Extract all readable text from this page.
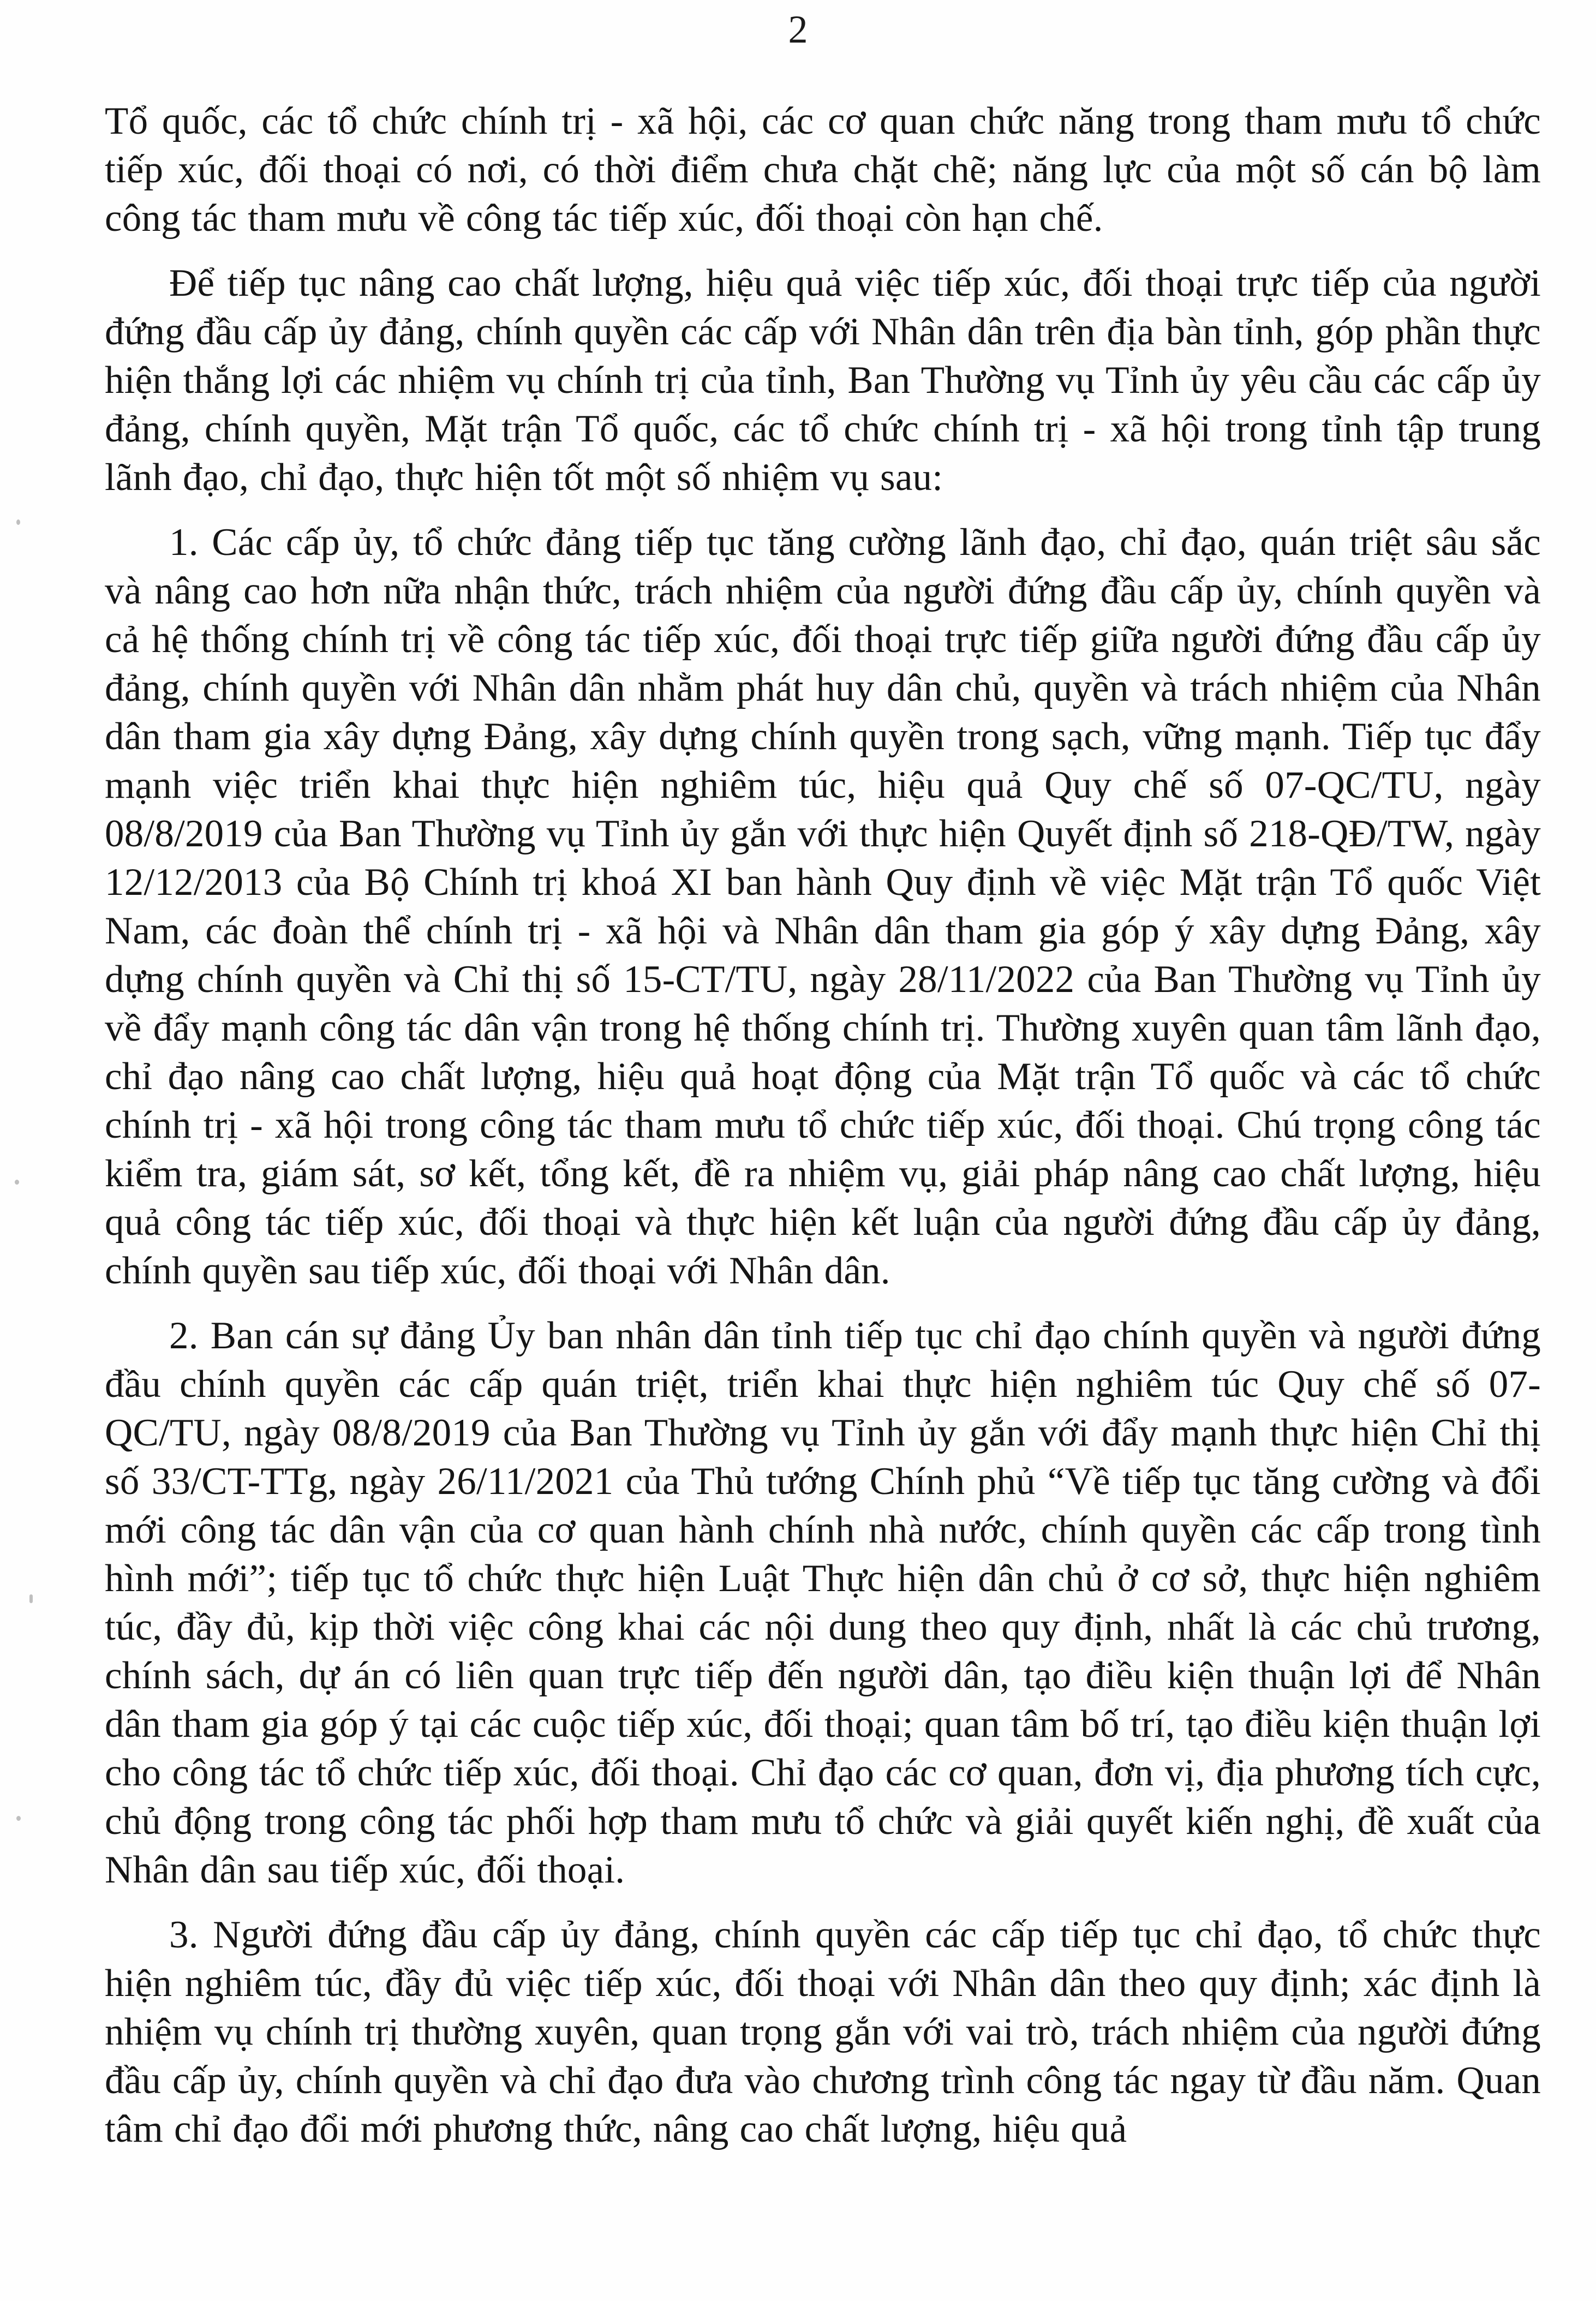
2

Tổ quốc, các tổ chức chính trị - xã hội, các cơ quan chức năng trong tham mưu tổ chức tiếp xúc, đối thoại có nơi, có thời điểm chưa chặt chẽ; năng lực của một số cán bộ làm công tác tham mưu về công tác tiếp xúc, đối thoại còn hạn chế.

Để tiếp tục nâng cao chất lượng, hiệu quả việc tiếp xúc, đối thoại trực tiếp của người đứng đầu cấp ủy đảng, chính quyền các cấp với Nhân dân trên địa bàn tỉnh, góp phần thực hiện thắng lợi các nhiệm vụ chính trị của tỉnh, Ban Thường vụ Tỉnh ủy yêu cầu các cấp ủy đảng, chính quyền, Mặt trận Tổ quốc, các tổ chức chính trị - xã hội trong tỉnh tập trung lãnh đạo, chỉ đạo, thực hiện tốt một số nhiệm vụ sau:

1. Các cấp ủy, tổ chức đảng tiếp tục tăng cường lãnh đạo, chỉ đạo, quán triệt sâu sắc và nâng cao hơn nữa nhận thức, trách nhiệm của người đứng đầu cấp ủy, chính quyền và cả hệ thống chính trị về công tác tiếp xúc, đối thoại trực tiếp giữa người đứng đầu cấp ủy đảng, chính quyền với Nhân dân nhằm phát huy dân chủ, quyền và trách nhiệm của Nhân dân tham gia xây dựng Đảng, xây dựng chính quyền trong sạch, vững mạnh. Tiếp tục đẩy mạnh việc triển khai thực hiện nghiêm túc, hiệu quả Quy chế số 07-QC/TU, ngày 08/8/2019 của Ban Thường vụ Tỉnh ủy gắn với thực hiện Quyết định số 218-QĐ/TW, ngày 12/12/2013 của Bộ Chính trị khoá XI ban hành Quy định về việc Mặt trận Tổ quốc Việt Nam, các đoàn thể chính trị - xã hội và Nhân dân tham gia góp ý xây dựng Đảng, xây dựng chính quyền và Chỉ thị số 15-CT/TU, ngày 28/11/2022 của Ban Thường vụ Tỉnh ủy về đẩy mạnh công tác dân vận trong hệ thống chính trị. Thường xuyên quan tâm lãnh đạo, chỉ đạo nâng cao chất lượng, hiệu quả hoạt động của Mặt trận Tổ quốc và các tổ chức chính trị - xã hội trong công tác tham mưu tổ chức tiếp xúc, đối thoại. Chú trọng công tác kiểm tra, giám sát, sơ kết, tổng kết, đề ra nhiệm vụ, giải pháp nâng cao chất lượng, hiệu quả công tác tiếp xúc, đối thoại và thực hiện kết luận của người đứng đầu cấp ủy đảng, chính quyền sau tiếp xúc, đối thoại với Nhân dân.

2. Ban cán sự đảng Ủy ban nhân dân tỉnh tiếp tục chỉ đạo chính quyền và người đứng đầu chính quyền các cấp quán triệt, triển khai thực hiện nghiêm túc Quy chế số 07-QC/TU, ngày 08/8/2019 của Ban Thường vụ Tỉnh ủy gắn với đẩy mạnh thực hiện Chỉ thị số 33/CT-TTg, ngày 26/11/2021 của Thủ tướng Chính phủ “Về tiếp tục tăng cường và đổi mới công tác dân vận của cơ quan hành chính nhà nước, chính quyền các cấp trong tình hình mới”; tiếp tục tổ chức thực hiện Luật Thực hiện dân chủ ở cơ sở, thực hiện nghiêm túc, đầy đủ, kịp thời việc công khai các nội dung theo quy định, nhất là các chủ trương, chính sách, dự án có liên quan trực tiếp đến người dân, tạo điều kiện thuận lợi để Nhân dân tham gia góp ý tại các cuộc tiếp xúc, đối thoại; quan tâm bố trí, tạo điều kiện thuận lợi cho công tác tổ chức tiếp xúc, đối thoại. Chỉ đạo các cơ quan, đơn vị, địa phương tích cực, chủ động trong công tác phối hợp tham mưu tổ chức và giải quyết kiến nghị, đề xuất của Nhân dân sau tiếp xúc, đối thoại.

3. Người đứng đầu cấp ủy đảng, chính quyền các cấp tiếp tục chỉ đạo, tổ chức thực hiện nghiêm túc, đầy đủ việc tiếp xúc, đối thoại với Nhân dân theo quy định; xác định là nhiệm vụ chính trị thường xuyên, quan trọng gắn với vai trò, trách nhiệm của người đứng đầu cấp ủy, chính quyền và chỉ đạo đưa vào chương trình công tác ngay từ đầu năm. Quan tâm chỉ đạo đổi mới phương thức, nâng cao chất lượng, hiệu quả
